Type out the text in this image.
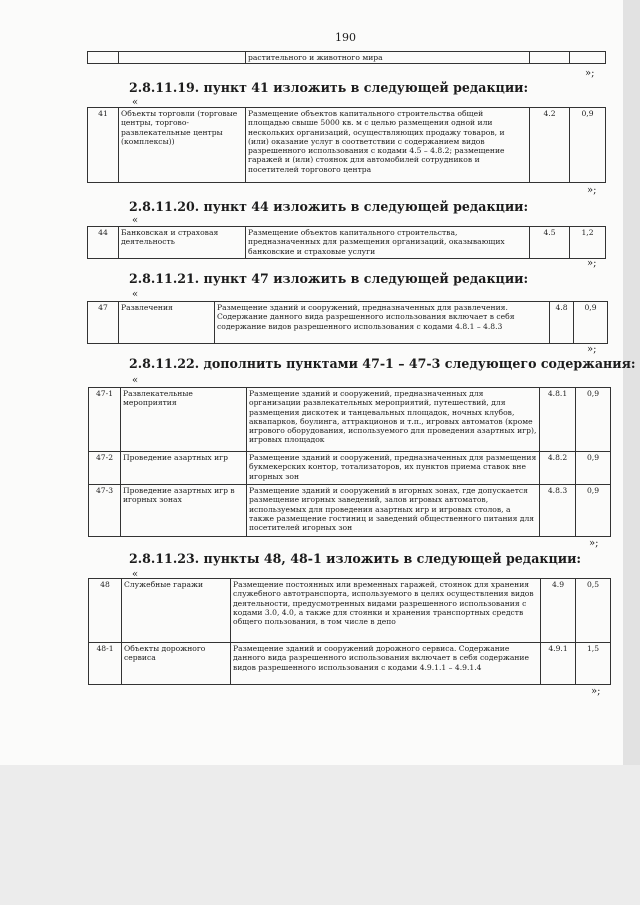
190
		растительного и животного мира		
»;
2.8.11.19. пункт 41 изложить в следующей редакции:
«
41	Объекты торговли (торговые центры, торгово-развлекательные центры (комплексы))	Размещение объектов капитального строительства общей площадью свыше 5000 кв. м с целью размещения одной или нескольких организаций, осуществляющих продажу товаров, и (или) оказание услуг в соответствии с содержанием видов разрешенного использования с кодами 4.5 – 4.8.2; размещение гаражей и (или) стоянок для автомобилей сотрудников и посетителей торгового центра	4.2	0,9
»;
2.8.11.20. пункт 44 изложить в следующей редакции:
«
44	Банковская и страховая деятельность	Размещение объектов капитального строительства, предназначенных для размещения организаций, оказывающих банковские и страховые услуги	4.5	1,2
»;
2.8.11.21. пункт 47 изложить в следующей редакции:
«
47	Развлечения	Размещение зданий и сооружений, предназначенных для развлечения. Содержание данного вида разрешенного использования включает в себя содержание видов разрешенного использования с кодами 4.8.1 – 4.8.3	4.8	0,9
»;
2.8.11.22. дополнить пунктами 47-1 – 47-3 следующего содержания:
«
47-1	Развлекательные мероприятия	Размещение зданий и сооружений, предназначенных для организации развлекательных мероприятий, путешествий, для размещения дискотек и танцевальных площадок, ночных клубов, аквапарков, боулинга, аттракционов и т.п., игровых автоматов (кроме игрового оборудования, используемого для проведения азартных игр), игровых площадок	4.8.1	0,9
47-2	Проведение азартных игр	Размещение зданий и сооружений, предназначенных для размещения букмекерских контор, тотализаторов, их пунктов приема ставок вне игорных зон	4.8.2	0,9
47-3	Проведение азартных игр в игорных зонах	Размещение зданий и сооружений в игорных зонах, где допускается размещение игорных заведений, залов игровых автоматов, используемых для проведения азартных игр и игровых столов, а также размещение гостиниц и заведений общественного питания для посетителей игорных зон	4.8.3	0,9
»;
2.8.11.23. пункты 48, 48-1 изложить в следующей редакции:
«
48	Служебные гаражи	Размещение постоянных или временных гаражей, стоянок для хранения служебного автотранспорта, используемого в целях осуществления видов деятельности, предусмотренных видами разрешенного использования с кодами 3.0, 4.0, а также для стоянки и хранения транспортных средств общего пользования, в том числе в депо	4.9	0,5
48-1	Объекты дорожного сервиса	Размещение зданий и сооружений дорожного сервиса. Содержание данного вида разрешенного использования включает в себя содержание видов разрешенного использования с кодами 4.9.1.1 – 4.9.1.4	4.9.1	1,5
»;
